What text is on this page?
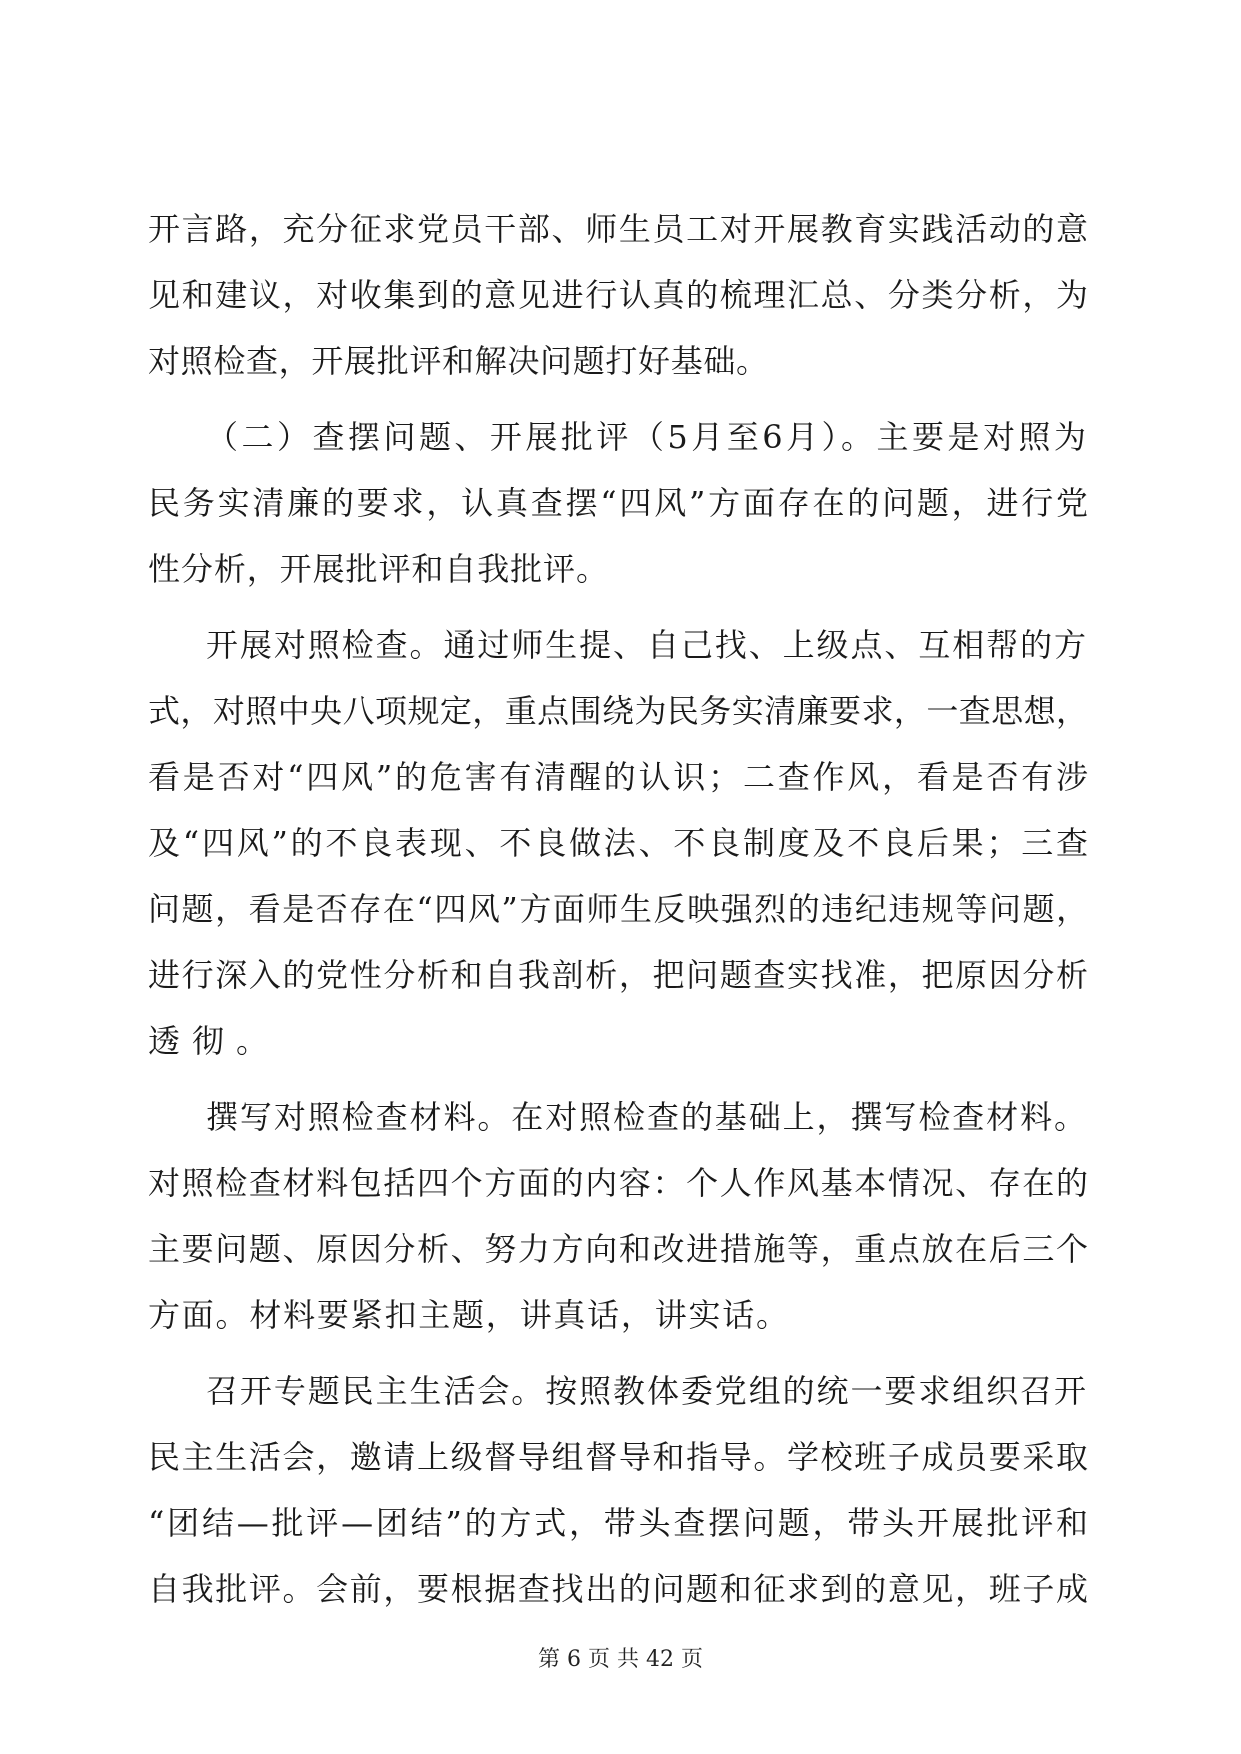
开言路，充分征求党员干部、师生员工对开展教育实践活动的意
见和建议，对收集到的意见进行认真的梳理汇总、分类分析，为
对照检查，开展批评和解决问题打好基础。
（二）查摆问题、开展批评（5月至6月）。主要是对照为
民务实清廉的要求，认真查摆“四风”方面存在的问题，进行党
性分析，开展批评和自我批评。
开展对照检查。通过师生提、自己找、上级点、互相帮的方
式，对照中央八项规定，重点围绕为民务实清廉要求，一查思想，
看是否对“四风”的危害有清醒的认识；二查作风，看是否有涉
及“四风”的不良表现、不良做法、不良制度及不良后果；三查
问题，看是否存在“四风”方面师生反映强烈的违纪违规等问题，
进行深入的党性分析和自我剖析，把问题查实找准，把原因分析
透彻。
撰写对照检查材料。在对照检查的基础上，撰写检查材料。
对照检查材料包括四个方面的内容：个人作风基本情况、存在的
主要问题、原因分析、努力方向和改进措施等，重点放在后三个
方面。材料要紧扣主题，讲真话，讲实话。
召开专题民主生活会。按照教体委党组的统一要求组织召开
民主生活会，邀请上级督导组督导和指导。学校班子成员要采取
“团结—批评—团结”的方式，带头查摆问题，带头开展批评和
自我批评。会前，要根据查找出的问题和征求到的意见，班子成
第 6 页 共 42 页
